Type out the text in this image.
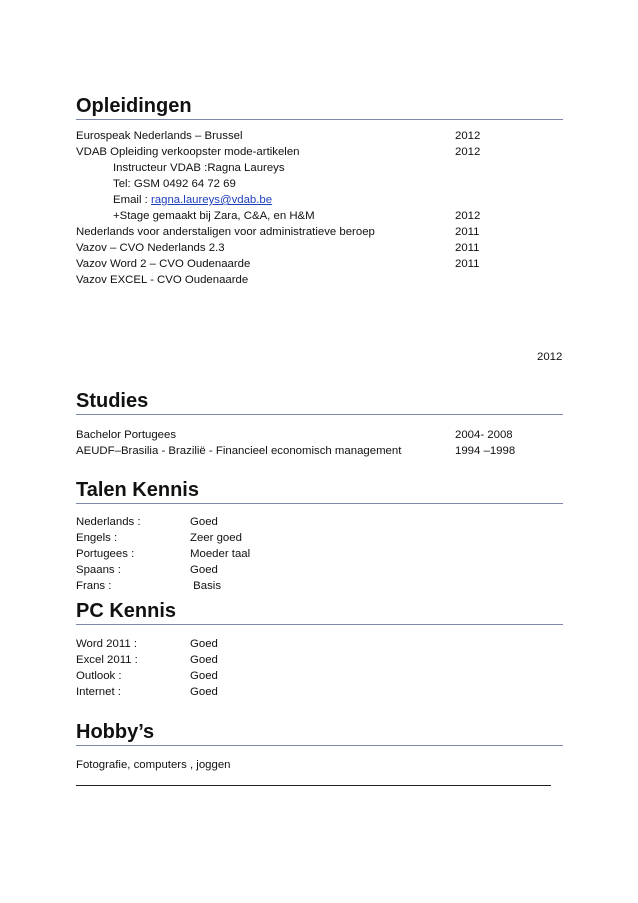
Opleidingen
Eurospeak Nederlands – Brussel	2012
VDAB Opleiding verkoopster mode-artikelen	2012
Instructeur VDAB :Ragna Laureys
Tel: GSM 0492 64 72 69
Email : ragna.laureys@vdab.be
+Stage gemaakt bij Zara, C&A, en H&M	2012
Nederlands voor anderstaligen voor administratieve beroep	2011
Vazov – CVO Nederlands 2.3	2011
Vazov Word 2 – CVO Oudenaarde	2011
Vazov EXCEL - CVO Oudenaarde
2012
Studies
Bachelor Portugees	2004- 2008
AEUDF–Brasilia - Brazilië - Financieel economisch management	1994 –1998
Talen Kennis
Nederlands :	Goed
Engels :	Zeer goed
Portugees :	Moeder taal
Spaans :	Goed
Frans :	Basis
PC Kennis
Word 2011 :	Goed
Excel 2011 :	Goed
Outlook :	Goed
Internet :	Goed
Hobby’s
Fotografie, computers , joggen
